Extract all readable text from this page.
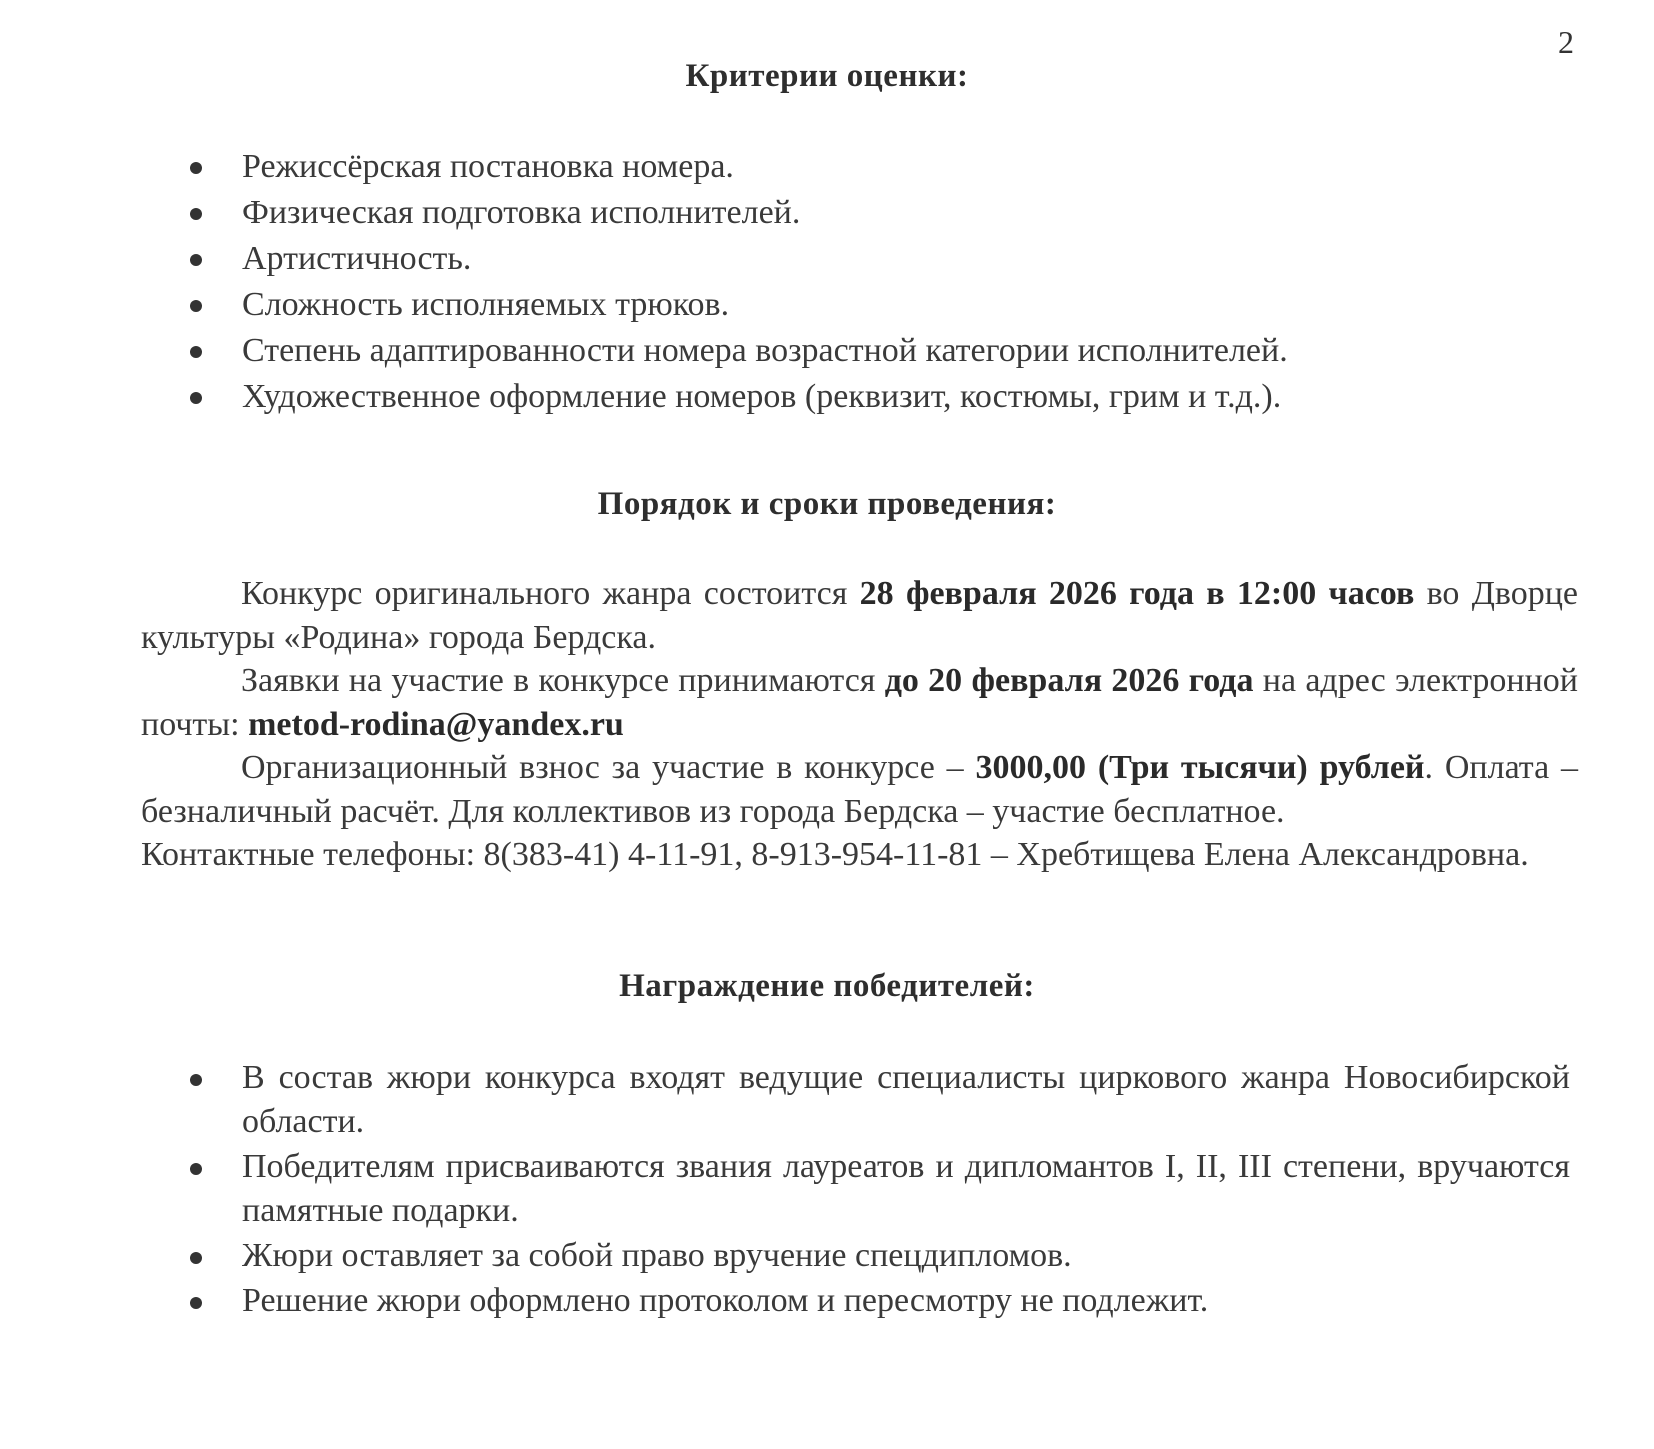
2
Критерии оценки:
Режиссёрская постановка номера.
Физическая подготовка исполнителей.
Артистичность.
Сложность исполняемых трюков.
Степень адаптированности номера возрастной категории исполнителей.
Художественное оформление номеров (реквизит, костюмы, грим и т.д.).
Порядок и сроки проведения:

Конкурс оригинального жанра состоится 28 февраля 2026 года в 12:00 часов во Дворце культуры «Родина» города Бердска.

Заявки на участие в конкурсе принимаются до 20 февраля 2026 года на адрес электронной почты: metod-rodina@yandex.ru

Организационный взнос за участие в конкурсе – 3000,00 (Три тысячи) рублей. Оплата – безналичный расчёт. Для коллективов из города Бердска – участие бесплатное.

Контактные телефоны: 8(383-41) 4-11-91, 8-913-954-11-81 – Хребтищева Елена Александровна.

Награждение победителей:
В состав жюри конкурса входят ведущие специалисты циркового жанра Новосибирской области.
Победителям присваиваются звания лауреатов и дипломантов I, II, III степени, вручаются памятные подарки.
Жюри оставляет за собой право вручение спецдипломов.
Решение жюри оформлено протоколом и пересмотру не подлежит.
